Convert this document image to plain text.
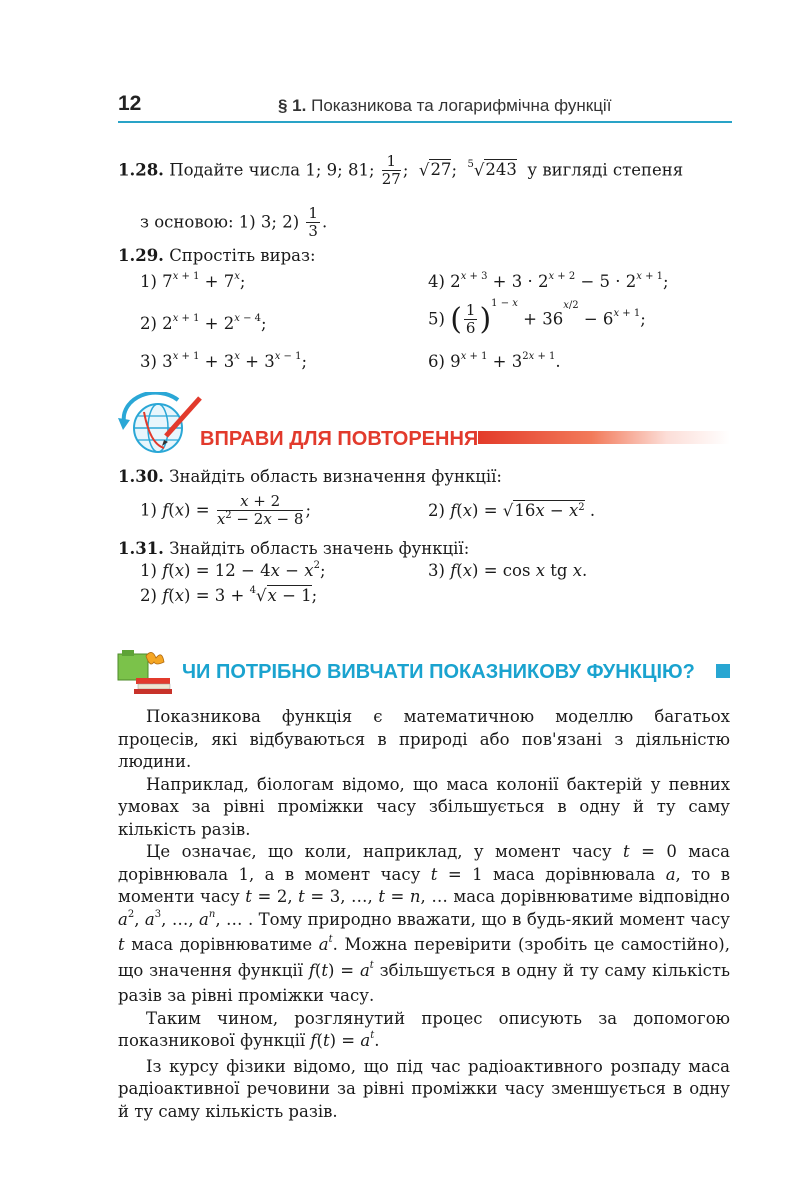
12	§ 1. Показникова та логарифмічна функції
1.28. Подайте числа 1; 9; 81; $\frac{1}{27}$ ;  √27; $^5$√243 у вигляді степеня
з основою: 1) 3; $2) \frac{1}{3}$ .
1.29. Спростіть вираз:
1) $7^{x + 1} + 7^x$;	4) $2^{x + 3} + 3 \cdot 2^{x + 2} - 5 \cdot 2^{x + 1}$;
2) $2^{x + 1} + 2^{x - 4}$;	5) ( $\frac{1}{6} )^{1 - x} + 36^{x/2} - 6^{x + 1}$;
3) $3^{x + 1} + 3^x + 3^{x - 1}$;	6) $9^{x + 1} + 3^{2x + 1}$.
ВПРАВИ ДЛЯ ПОВТОРЕННЯ
1.30. Знайдіть область визначення функції:
1) $f(x) = \frac{x + 2}{x^2 - 2x - 8}$ ;	2) $f(x) = √16x - x^2$ .
1.31. Знайдіть область значень функції:
1) $f(x) = 12 - 4x - x^2$;	3) f(x) = cos x tg x.
2) f(x) = 3 + $^4$√x − 1;
ЧИ ПОТРІБНО ВИВЧАТИ ПОКАЗНИКОВУ ФУНКЦІЮ?

Показникова функція є математичною моделлю багатьох процесів, які відбуваються в природі або пов'язані з діяльністю людини.

Наприклад, біологам відомо, що маса колонії бактерій у певних умовах за рівні проміжки часу збільшується в одну й ту саму кількість разів.

Це означає, що коли, наприклад, у момент часу t = 0 маса дорівнювала 1, а в момент часу t = 1 маса дорівнювала a, то в моменти часу t = 2, t = 3, …, t = n, … маса дорівнюватиме відповідно $a^2$, $a^3$, …, $a^n$, … . Тому природно вважати, що в будь-який момент часу t маса дорівнюватиме $a^t$. Можна перевірити (зробіть це самостійно), що значення функції $f(t) = a^t$ збільшується в одну й ту саму кількість разів за рівні проміжки часу.

Таким чином, розглянутий процес описують за допомогою показникової функції $f(t) = a^t$.

Із курсу фізики відомо, що під час радіоактивного розпаду маса радіоактивної речовини за рівні проміжки часу зменшується в одну й ту саму кількість разів.
